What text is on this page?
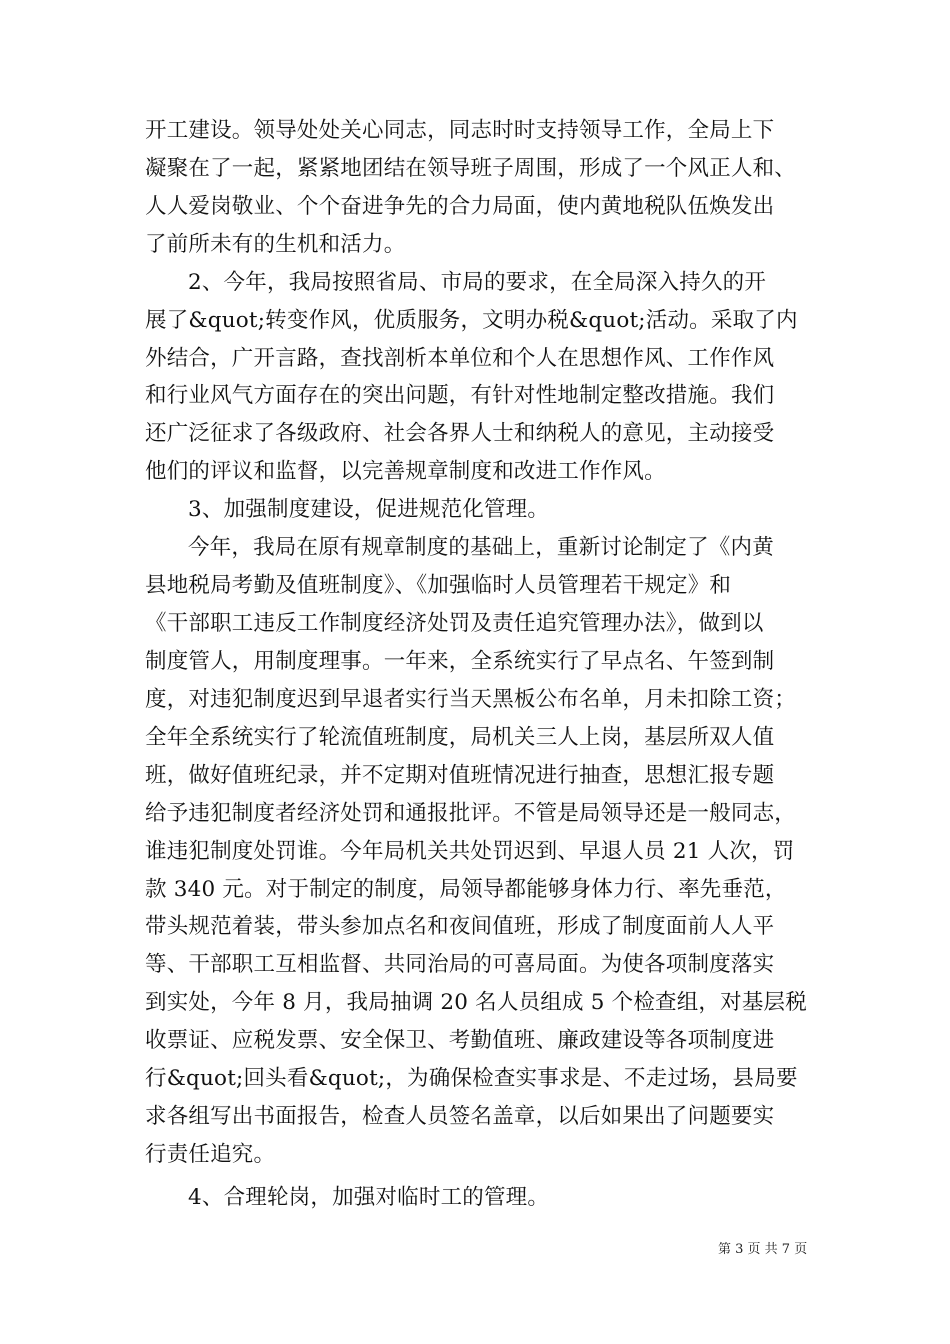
开工建设。领导处处关心同志，同志时时支持领导工作，全局上下

凝聚在了一起，紧紧地团结在领导班子周围，形成了一个风正人和、

人人爱岗敬业、个个奋进争先的合力局面，使内黄地税队伍焕发出

了前所未有的生机和活力。

2、今年，我局按照省局、市局的要求，在全局深入持久的开

展了&quot;转变作风，优质服务，文明办税&quot;活动。采取了内

外结合，广开言路，查找剖析本单位和个人在思想作风、工作作风

和行业风气方面存在的突出问题，有针对性地制定整改措施。我们

还广泛征求了各级政府、社会各界人士和纳税人的意见，主动接受

他们的评议和监督，以完善规章制度和改进工作作风。

3、加强制度建设，促进规范化管理。

今年，我局在原有规章制度的基础上，重新讨论制定了《内黄

县地税局考勤及值班制度》、《加强临时人员管理若干规定》和

《干部职工违反工作制度经济处罚及责任追究管理办法》，做到以

制度管人，用制度理事。一年来，全系统实行了早点名、午签到制

度，对违犯制度迟到早退者实行当天黑板公布名单，月未扣除工资；

全年全系统实行了轮流值班制度，局机关三人上岗，基层所双人值

班，做好值班纪录，并不定期对值班情况进行抽查，思想汇报专题

给予违犯制度者经济处罚和通报批评。不管是局领导还是一般同志，

谁违犯制度处罚谁。今年局机关共处罚迟到、早退人员 21 人次，罚

款 340 元。对于制定的制度，局领导都能够身体力行、率先垂范，

带头规范着装，带头参加点名和夜间值班，形成了制度面前人人平

等、干部职工互相监督、共同治局的可喜局面。为使各项制度落实

到实处，今年 8 月，我局抽调 20 名人员组成 5 个检查组，对基层税

收票证、应税发票、安全保卫、考勤值班、廉政建设等各项制度进

行&quot;回头看&quot;，为确保检查实事求是、不走过场，县局要

求各组写出书面报告，检查人员签名盖章，以后如果出了问题要实

行责任追究。

4、合理轮岗，加强对临时工的管理。

第 3 页 共 7 页
